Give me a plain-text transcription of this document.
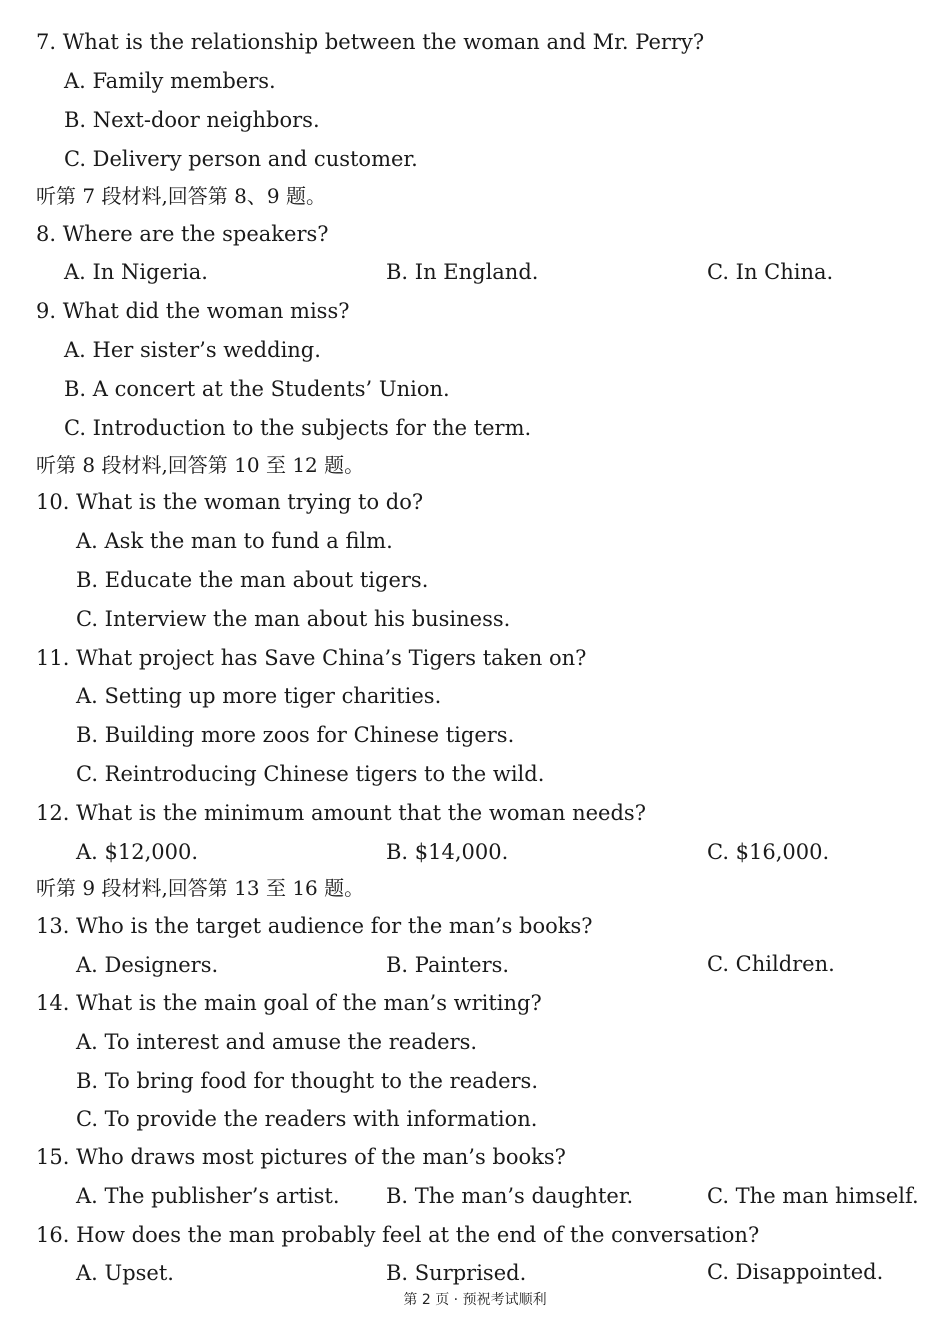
7. What is the relationship between the woman and Mr. Perry?
A. Family members.
B. Next-door neighbors.
C. Delivery person and customer.
听第 7 段材料,回答第 8、9 题。
8. Where are the speakers?
A. In Nigeria.	B. In England.	C. In China.
9. What did the woman miss?
A. Her sister’s wedding.
B. A concert at the Students’ Union.
C. Introduction to the subjects for the term.
听第 8 段材料,回答第 10 至 12 题。
10. What is the woman trying to do?
A. Ask the man to fund a film.
B. Educate the man about tigers.
C. Interview the man about his business.
11. What project has Save China’s Tigers taken on?
A. Setting up more tiger charities.
B. Building more zoos for Chinese tigers.
C. Reintroducing Chinese tigers to the wild.
12. What is the minimum amount that the woman needs?
A. $12,000.	B. $14,000.	C. $16,000.
听第 9 段材料,回答第 13 至 16 题。
13. Who is the target audience for the man’s books?
A. Designers.	B. Painters.	C. Children.
14. What is the main goal of the man’s writing?
A. To interest and amuse the readers.
B. To bring food for thought to the readers.
C. To provide the readers with information.
15. Who draws most pictures of the man’s books?
A. The publisher’s artist. B. The man’s daughter.	C. The man himself.
16. How does the man probably feel at the end of the conversation?
A. Upset.	B. Surprised.	C. Disappointed.
第 2 页 · 预祝考试顺利
